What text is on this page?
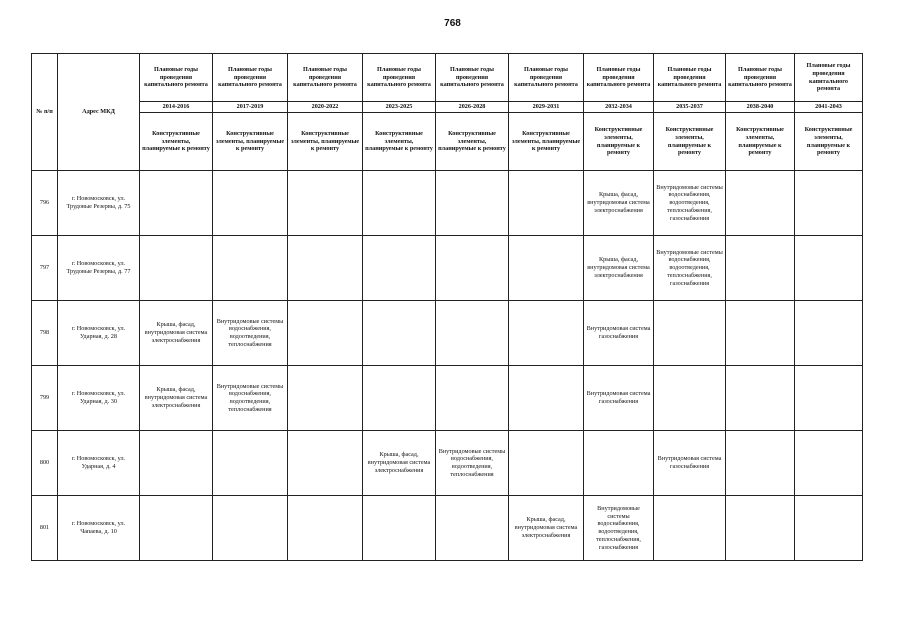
768
№ п/п	Адрес МКД	Плановые годы проведения капитального ремонта	Плановые годы проведения капитального ремонта	Плановые годы проведения капитального ремонта	Плановые годы проведения капитального ремонта	Плановые годы проведения капитального ремонта	Плановые годы проведения капитального ремонта	Плановые годы проведения капитального ремонта	Плановые годы проведения капитального ремонта	Плановые годы проведения капитального ремонта	Плановые годы проведения капитального ремонта
		2014-2016	2017-2019	2020-2022	2023-2025	2026-2028	2029-2031	2032-2034	2035-2037	2038-2040	2041-2043
		Конструктивные элементы, планируемые к ремонту	Конструктивные элементы, планируемые к ремонту	Конструктивные элементы, планируемые к ремонту	Конструктивные элементы, планируемые к ремонту	Конструктивные элементы, планируемые к ремонту	Конструктивные элементы, планируемые к ремонту	Конструктивные элементы, планируемые к ремонту	Конструктивные элементы, планируемые к ремонту	Конструктивные элементы, планируемые к ремонту	Конструктивные элементы, планируемые к ремонту
796	г. Новомосковск, ул. Трудовые Резервы, д. 75							Крыша, фасад, внутридомовая система электроснабжения	Внутридомовые системы водоснабжения, водоотведения, теплоснабжения, газоснабжения		
797	г. Новомосковск, ул. Трудовые Резервы, д. 77							Крыша, фасад, внутридомовая система электроснабжения	Внутридомовые системы водоснабжения, водоотведения, теплоснабжения, газоснабжения		
798	г. Новомосковск, ул. Ударная, д. 28	Крыша, фасад, внутридомовая система электроснабжения	Внутридомовые системы водоснабжения, водоотведения, теплоснабжения					Внутридомовая система газоснабжения			
799	г. Новомосковск, ул. Ударная, д. 30	Крыша, фасад, внутридомовая система электроснабжения	Внутридомовые системы водоснабжения, водоотведения, теплоснабжения					Внутридомовая система газоснабжения			
800	г. Новомосковск, ул. Ударная, д. 4				Крыша, фасад, внутридомовая система электроснабжения	Внутридомовые системы водоснабжения, водоотведения, теплоснабжения			Внутридомовая система газоснабжения		
801	г. Новомосковск, ул. Чапаева, д. 10						Крыша, фасад, внутридомовая система электроснабжения	Внутридомовые системы водоснабжения, водоотведения, теплоснабжения, газоснабжения			
